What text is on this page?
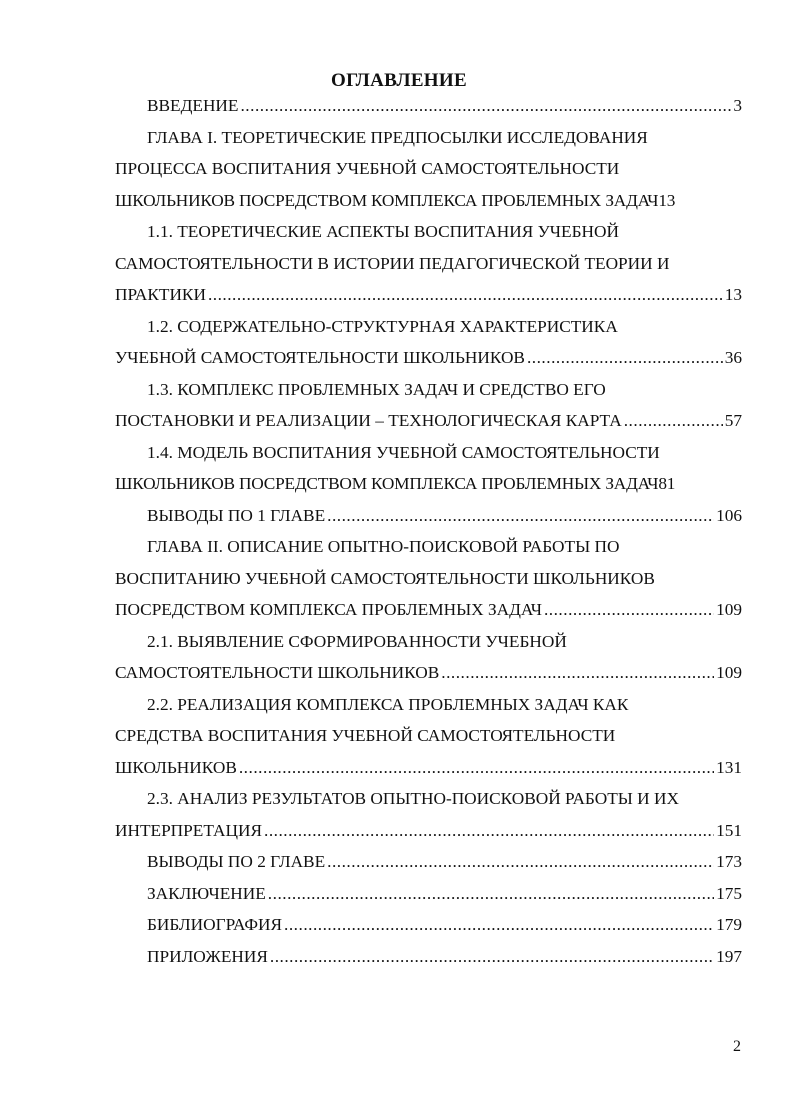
ОГЛАВЛЕНИЕ
ВВЕДЕНИЕ .....	3
ГЛАВА I. ТЕОРЕТИЧЕСКИЕ ПРЕДПОСЫЛКИ ИССЛЕДОВАНИЯ
ПРОЦЕССА ВОСПИТАНИЯ УЧЕБНОЙ САМОСТОЯТЕЛЬНОСТИ
ШКОЛЬНИКОВ ПОСРЕДСТВОМ КОМПЛЕКСА ПРОБЛЕМНЫХ ЗАДАЧ 13
1.1. ТЕОРЕТИЧЕСКИЕ АСПЕКТЫ ВОСПИТАНИЯ УЧЕБНОЙ
САМОСТОЯТЕЛЬНОСТИ В ИСТОРИИ ПЕДАГОГИЧЕСКОЙ ТЕОРИИ И
ПРАКТИКИ .....	13
1.2. СОДЕРЖАТЕЛЬНО-СТРУКТУРНАЯ ХАРАКТЕРИСТИКА
УЧЕБНОЙ САМОСТОЯТЕЛЬНОСТИ ШКОЛЬНИКОВ .....	36
1.3. КОМПЛЕКС ПРОБЛЕМНЫХ ЗАДАЧ И СРЕДСТВО ЕГО
ПОСТАНОВКИ И РЕАЛИЗАЦИИ – ТЕХНОЛОГИЧЕСКАЯ КАРТА .....	57
1.4. МОДЕЛЬ ВОСПИТАНИЯ УЧЕБНОЙ САМОСТОЯТЕЛЬНОСТИ
ШКОЛЬНИКОВ ПОСРЕДСТВОМ КОМПЛЕКСА ПРОБЛЕМНЫХ ЗАДАЧ 81
ВЫВОДЫ ПО 1 ГЛАВЕ .....	106
ГЛАВА II. ОПИСАНИЕ ОПЫТНО-ПОИСКОВОЙ РАБОТЫ ПО
ВОСПИТАНИЮ УЧЕБНОЙ САМОСТОЯТЕЛЬНОСТИ ШКОЛЬНИКОВ
ПОСРЕДСТВОМ КОМПЛЕКСА ПРОБЛЕМНЫХ ЗАДАЧ .....	109
2.1. ВЫЯВЛЕНИЕ СФОРМИРОВАННОСТИ УЧЕБНОЙ
САМОСТОЯТЕЛЬНОСТИ ШКОЛЬНИКОВ .....	109
2.2. РЕАЛИЗАЦИЯ КОМПЛЕКСА ПРОБЛЕМНЫХ ЗАДАЧ КАК
СРЕДСТВА ВОСПИТАНИЯ УЧЕБНОЙ САМОСТОЯТЕЛЬНОСТИ
ШКОЛЬНИКОВ .....	131
2.3. АНАЛИЗ РЕЗУЛЬТАТОВ ОПЫТНО-ПОИСКОВОЙ РАБОТЫ И ИХ
ИНТЕРПРЕТАЦИЯ .....	151
ВЫВОДЫ ПО 2 ГЛАВЕ .....	173
ЗАКЛЮЧЕНИЕ .....	175
БИБЛИОГРАФИЯ .....	179
ПРИЛОЖЕНИЯ .....	197
2
